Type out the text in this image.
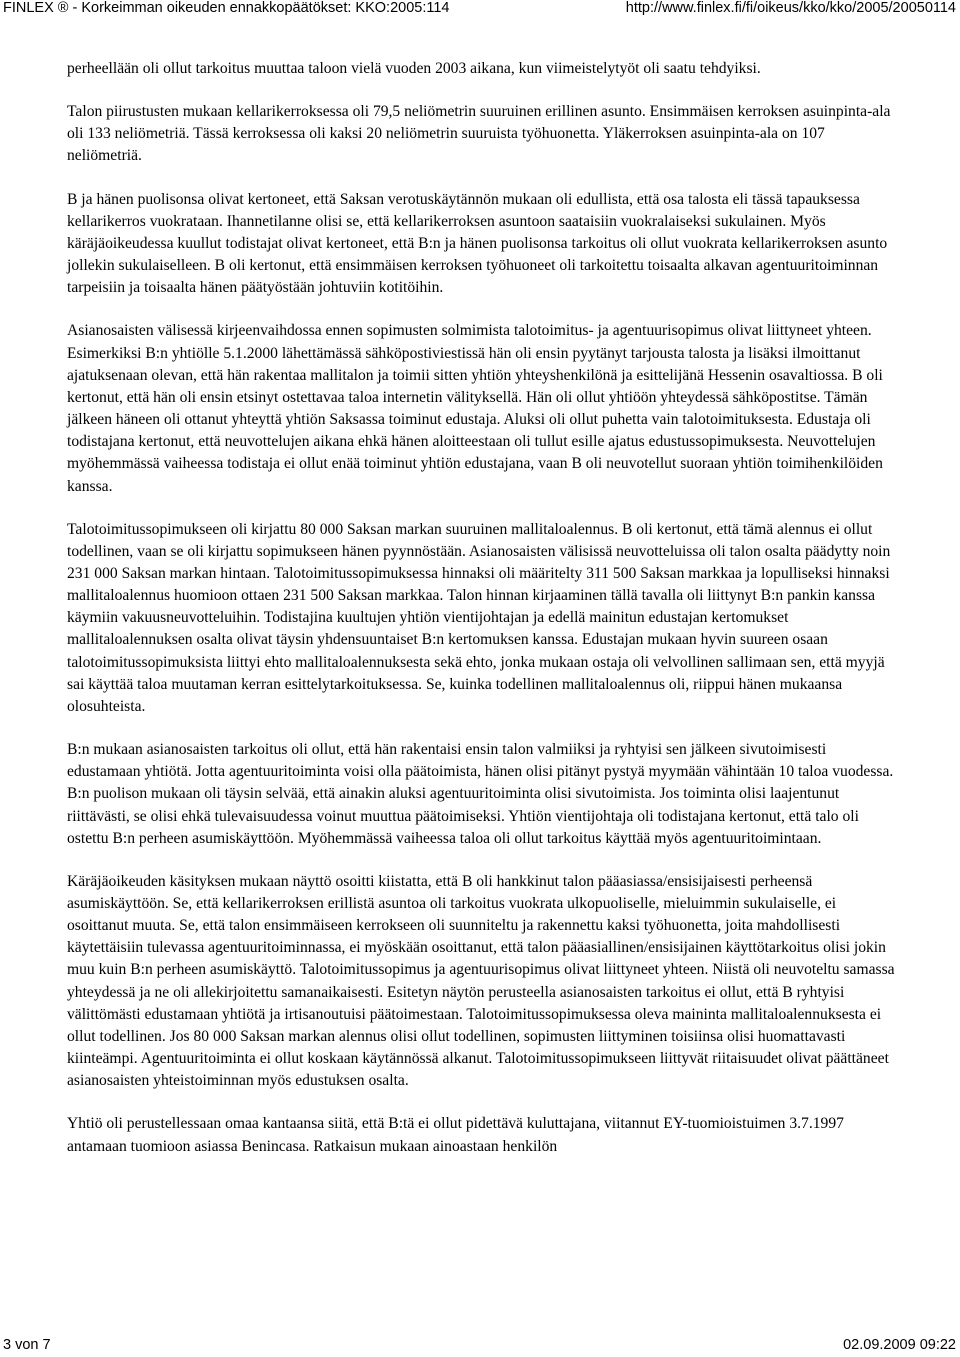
FINLEX ® - Korkeimman oikeuden ennakkopäätökset: KKO:2005:114	http://www.finlex.fi/fi/oikeus/kko/kko/2005/20050114

perheellään oli ollut tarkoitus muuttaa taloon vielä vuoden 2003 aikana, kun viimeistelytyöt oli saatu tehdyiksi.

Talon piirustusten mukaan kellarikerroksessa oli 79,5 neliömetrin suuruinen erillinen asunto. Ensimmäisen kerroksen asuinpinta-ala oli 133 neliömetriä. Tässä kerroksessa oli kaksi 20 neliömetrin suuruista työhuonetta. Yläkerroksen asuinpinta-ala on 107 neliömetriä.

B ja hänen puolisonsa olivat kertoneet, että Saksan verotuskäytännön mukaan oli edullista, että osa talosta eli tässä tapauksessa kellarikerros vuokrataan. Ihannetilanne olisi se, että kellarikerroksen asuntoon saataisiin vuokralaiseksi sukulainen. Myös käräjäoikeudessa kuullut todistajat olivat kertoneet, että B:n ja hänen puolisonsa tarkoitus oli ollut vuokrata kellarikerroksen asunto jollekin sukulaiselleen. B oli kertonut, että ensimmäisen kerroksen työhuoneet oli tarkoitettu toisaalta alkavan agentuuritoiminnan tarpeisiin ja toisaalta hänen päätyöstään johtuviin kotitöihin.

Asianosaisten välisessä kirjeenvaihdossa ennen sopimusten solmimista talotoimitus- ja agentuurisopimus olivat liittyneet yhteen. Esimerkiksi B:n yhtiölle 5.1.2000 lähettämässä sähköpostiviestissä hän oli ensin pyytänyt tarjousta talosta ja lisäksi ilmoittanut ajatuksenaan olevan, että hän rakentaa mallitalon ja toimii sitten yhtiön yhteyshenkilönä ja esittelijänä Hessenin osavaltiossa. B oli kertonut, että hän oli ensin etsinyt ostettavaa taloa internetin välityksellä. Hän oli ollut yhtiöön yhteydessä sähköpostitse. Tämän jälkeen häneen oli ottanut yhteyttä yhtiön Saksassa toiminut edustaja. Aluksi oli ollut puhetta vain talotoimituksesta. Edustaja oli todistajana kertonut, että neuvottelujen aikana ehkä hänen aloitteestaan oli tullut esille ajatus edustussopimuksesta. Neuvottelujen myöhemmässä vaiheessa todistaja ei ollut enää toiminut yhtiön edustajana, vaan B oli neuvotellut suoraan yhtiön toimihenkilöiden kanssa.

Talotoimitussopimukseen oli kirjattu 80 000 Saksan markan suuruinen mallitaloalennus. B oli kertonut, että tämä alennus ei ollut todellinen, vaan se oli kirjattu sopimukseen hänen pyynnöstään. Asianosaisten välisissä neuvotteluissa oli talon osalta päädytty noin 231 000 Saksan markan hintaan. Talotoimitussopimuksessa hinnaksi oli määritelty 311 500 Saksan markkaa ja lopulliseksi hinnaksi mallitaloalennus huomioon ottaen 231 500 Saksan markkaa. Talon hinnan kirjaaminen tällä tavalla oli liittynyt B:n pankin kanssa käymiin vakuusneuvotteluihin. Todistajina kuultujen yhtiön vientijohtajan ja edellä mainitun edustajan kertomukset mallitaloalennuksen osalta olivat täysin yhdensuuntaiset B:n kertomuksen kanssa. Edustajan mukaan hyvin suureen osaan talotoimitussopimuksista liittyi ehto mallitaloalennuksesta sekä ehto, jonka mukaan ostaja oli velvollinen sallimaan sen, että myyjä sai käyttää taloa muutaman kerran esittelytarkoituksessa. Se, kuinka todellinen mallitaloalennus oli, riippui hänen mukaansa olosuhteista.

B:n mukaan asianosaisten tarkoitus oli ollut, että hän rakentaisi ensin talon valmiiksi ja ryhtyisi sen jälkeen sivutoimisesti edustamaan yhtiötä. Jotta agentuuritoiminta voisi olla päätoimista, hänen olisi pitänyt pystyä myymään vähintään 10 taloa vuodessa. B:n puolison mukaan oli täysin selvää, että ainakin aluksi agentuuritoiminta olisi sivutoimista. Jos toiminta olisi laajentunut riittävästi, se olisi ehkä tulevaisuudessa voinut muuttua päätoimiseksi. Yhtiön vientijohtaja oli todistajana kertonut, että talo oli ostettu B:n perheen asumiskäyttöön. Myöhemmässä vaiheessa taloa oli ollut tarkoitus käyttää myös agentuuritoimintaan.

Käräjäoikeuden käsityksen mukaan näyttö osoitti kiistatta, että B oli hankkinut talon pääasiassa/ensisijaisesti perheensä asumiskäyttöön. Se, että kellarikerroksen erillistä asuntoa oli tarkoitus vuokrata ulkopuoliselle, mieluimmin sukulaiselle, ei osoittanut muuta. Se, että talon ensimmäiseen kerrokseen oli suunniteltu ja rakennettu kaksi työhuonetta, joita mahdollisesti käytettäisiin tulevassa agentuuritoiminnassa, ei myöskään osoittanut, että talon pääasiallinen/ensisijainen käyttötarkoitus olisi jokin muu kuin B:n perheen asumiskäyttö. Talotoimitussopimus ja agentuurisopimus olivat liittyneet yhteen. Niistä oli neuvoteltu samassa yhteydessä ja ne oli allekirjoitettu samanaikaisesti. Esitetyn näytön perusteella asianosaisten tarkoitus ei ollut, että B ryhtyisi välittömästi edustamaan yhtiötä ja irtisanoutuisi päätoimestaan. Talotoimitussopimuksessa oleva maininta mallitaloalennuksesta ei ollut todellinen. Jos 80 000 Saksan markan alennus olisi ollut todellinen, sopimusten liittyminen toisiinsa olisi huomattavasti kiinteämpi. Agentuuritoiminta ei ollut koskaan käytännössä alkanut. Talotoimitussopimukseen liittyvät riitaisuudet olivat päättäneet asianosaisten yhteistoiminnan myös edustuksen osalta.

Yhtiö oli perustellessaan omaa kantaansa siitä, että B:tä ei ollut pidettävä kuluttajana, viitannut EY-tuomioistuimen 3.7.1997 antamaan tuomioon asiassa Benincasa. Ratkaisun mukaan ainoastaan henkilön

3 von 7	02.09.2009 09:22
